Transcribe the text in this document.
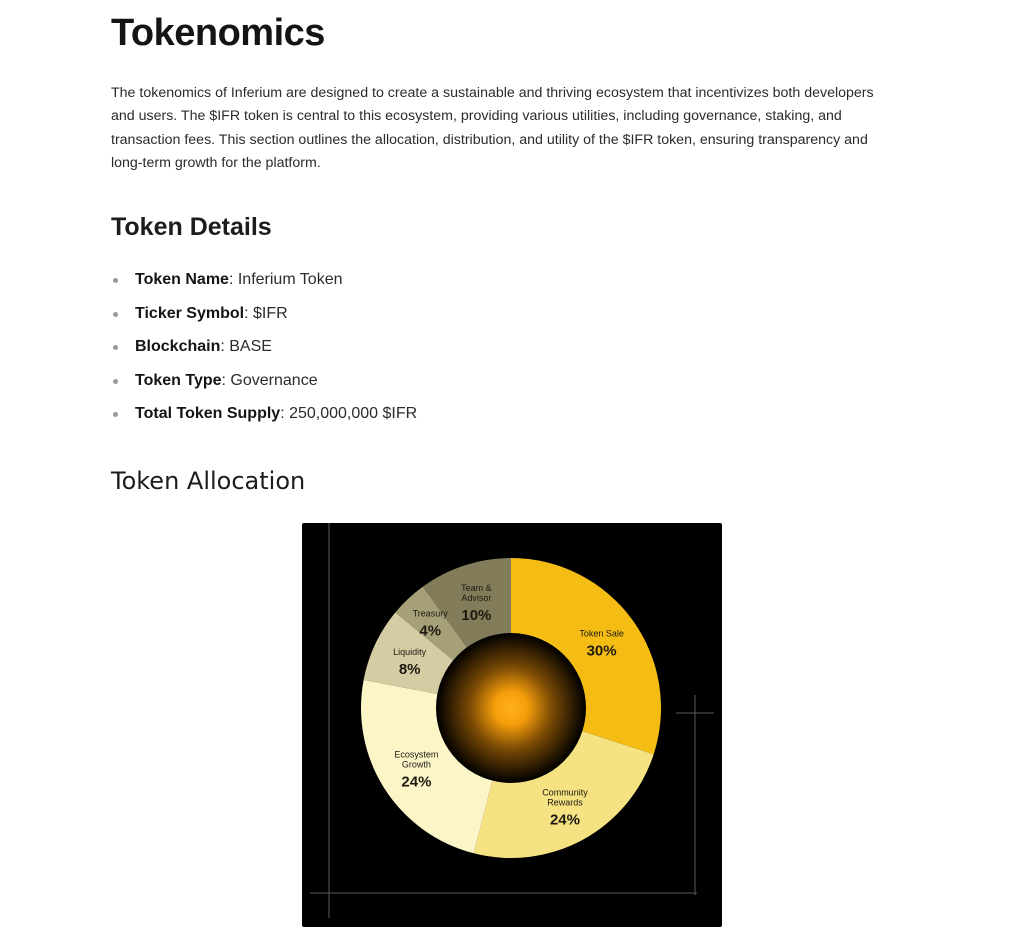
Tokenomics

The tokenomics of Inferium are designed to create a sustainable and thriving ecosystem that incentivizes both developers and users. The $IFR token is central to this ecosystem, providing various utilities, including governance, staking, and transaction fees. This section outlines the allocation, distribution, and utility of the $IFR token, ensuring transparency and long-term growth for the platform.

Token Details
Token Name: Inferium Token
Ticker Symbol: $IFR
Blockchain: BASE
Token Type: Governance
Total Token Supply: 250,000,000 $IFR
Token Allocation
Token Sale
30%
Community
Rewards
24%
Ecosystem
Growth
24%
Liquidity
8%
Treasury
4%
Team &
Advisor
10%
